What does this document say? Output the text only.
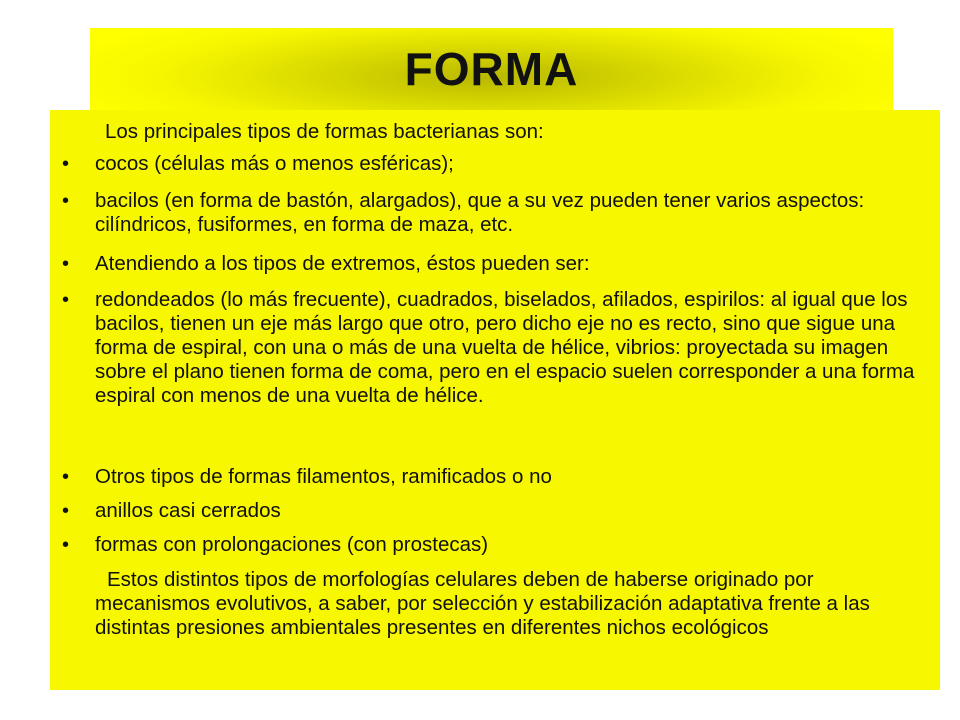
FORMA
Los principales tipos de formas bacterianas son:
• cocos (células más o menos esféricas);
• bacilos (en forma de bastón, alargados), que a su vez pueden tener varios aspectos: cilíndricos, fusiformes, en forma de maza, etc.
• Atendiendo a los tipos de extremos, éstos pueden ser:
• redondeados (lo más frecuente), cuadrados, biselados, afilados, espirilos: al igual que los bacilos, tienen un eje más largo que otro, pero dicho eje no es recto, sino que sigue una forma de espiral, con una o más de una vuelta de hélice, vibrios: proyectada su imagen sobre el plano tienen forma de coma, pero en el espacio suelen corresponder a una forma espiral con menos de una vuelta de hélice.
• Otros tipos de formas filamentos, ramificados o no
• anillos casi cerrados
• formas con prolongaciones (con prostecas)
Estos distintos tipos de morfologías celulares deben de haberse originado por mecanismos evolutivos, a saber, por selección y estabilización adaptativa frente a las distintas presiones ambientales presentes en diferentes nichos ecológicos
